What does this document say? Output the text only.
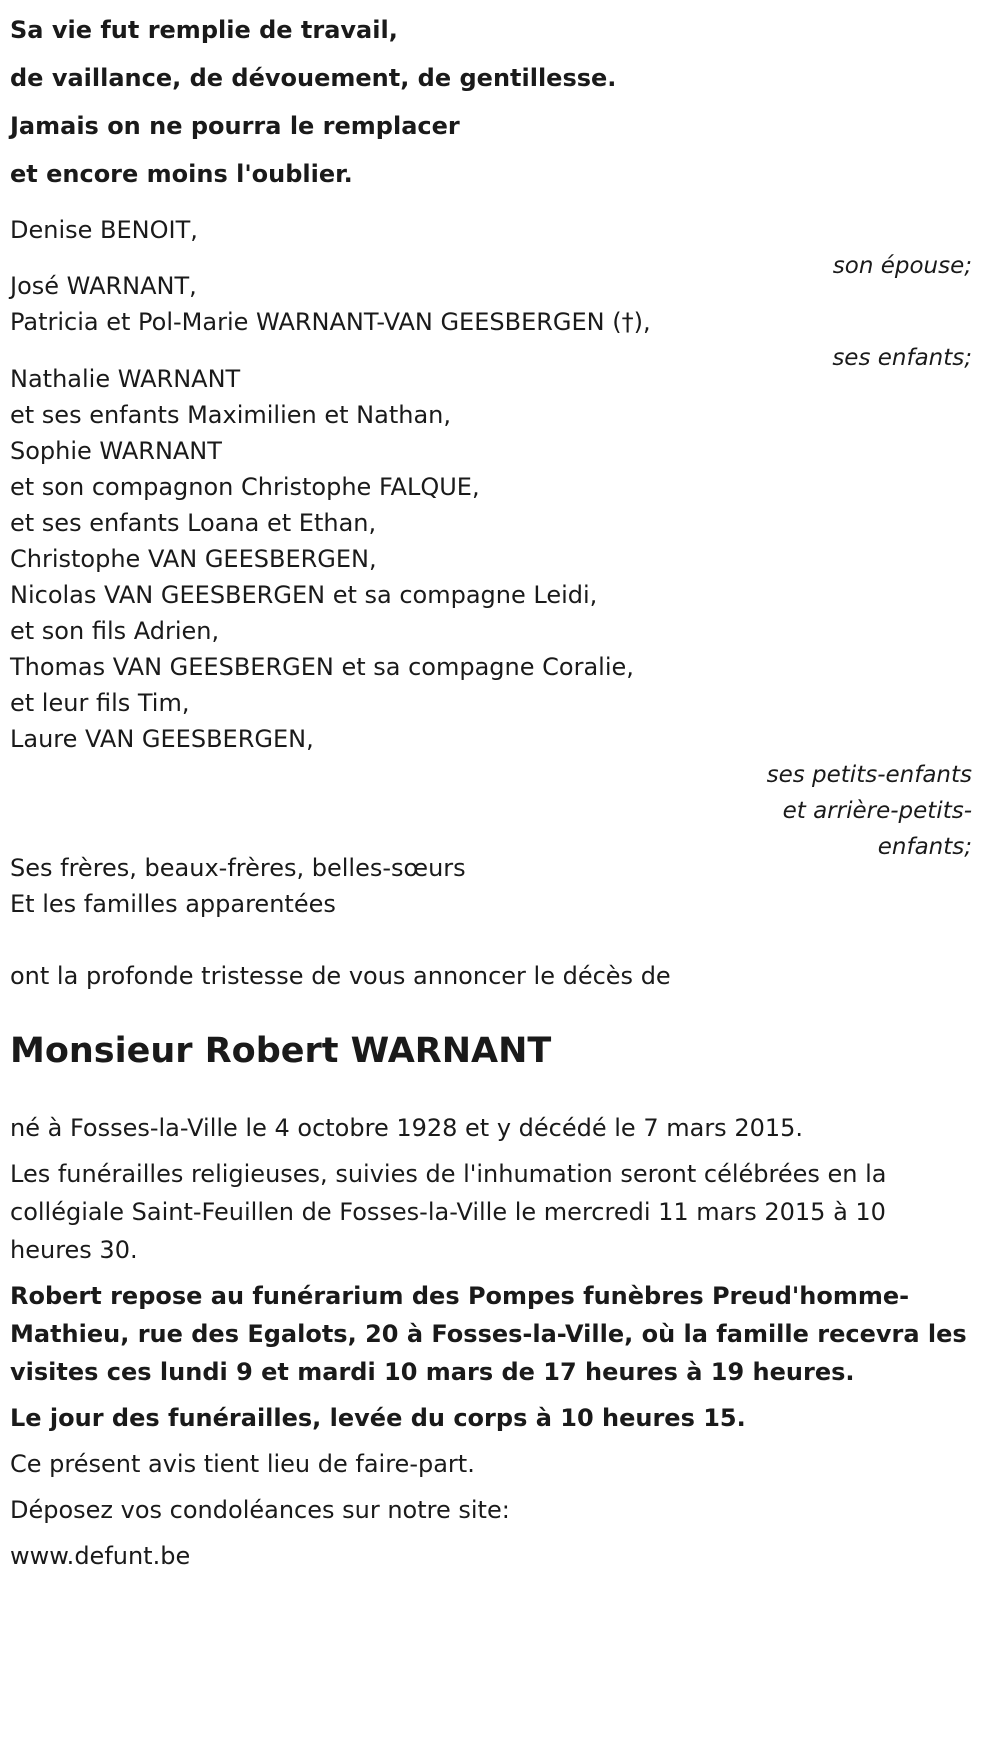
Sa vie fut remplie de travail,
de vaillance, de dévouement, de gentillesse.
Jamais on ne pourra le remplacer
et encore moins l'oublier.
Denise BENOIT,
son épouse;
José WARNANT,
Patricia et Pol-Marie WARNANT-VAN GEESBERGEN (†),
ses enfants;
Nathalie WARNANT
et ses enfants Maximilien et Nathan,
Sophie WARNANT
et son compagnon Christophe FALQUE,
et ses enfants Loana et Ethan,
Christophe VAN GEESBERGEN,
Nicolas VAN GEESBERGEN et sa compagne Leidi,
et son fils Adrien,
Thomas VAN GEESBERGEN et sa compagne Coralie,
et leur fils Tim,
Laure VAN GEESBERGEN,
ses petits-enfants
et arrière-petits-
enfants;
Ses frères, beaux-frères, belles-sœurs
Et les familles apparentées
ont la profonde tristesse de vous annoncer le décès de
Monsieur Robert WARNANT

né à Fosses-la-Ville le 4 octobre 1928 et y décédé le 7 mars 2015.

Les funérailles religieuses, suivies de l'inhumation seront célébrées en la collégiale Saint-Feuillen de Fosses-la-Ville le mercredi 11 mars 2015 à 10 heures 30.

Robert repose au funérarium des Pompes funèbres Preud'homme-Mathieu, rue des Egalots, 20 à Fosses-la-Ville, où la famille recevra les visites ces lundi 9 et mardi 10 mars de 17 heures à 19 heures.

Le jour des funérailles, levée du corps à 10 heures 15.

Ce présent avis tient lieu de faire-part.

Déposez vos condoléances sur notre site:

www.defunt.be
